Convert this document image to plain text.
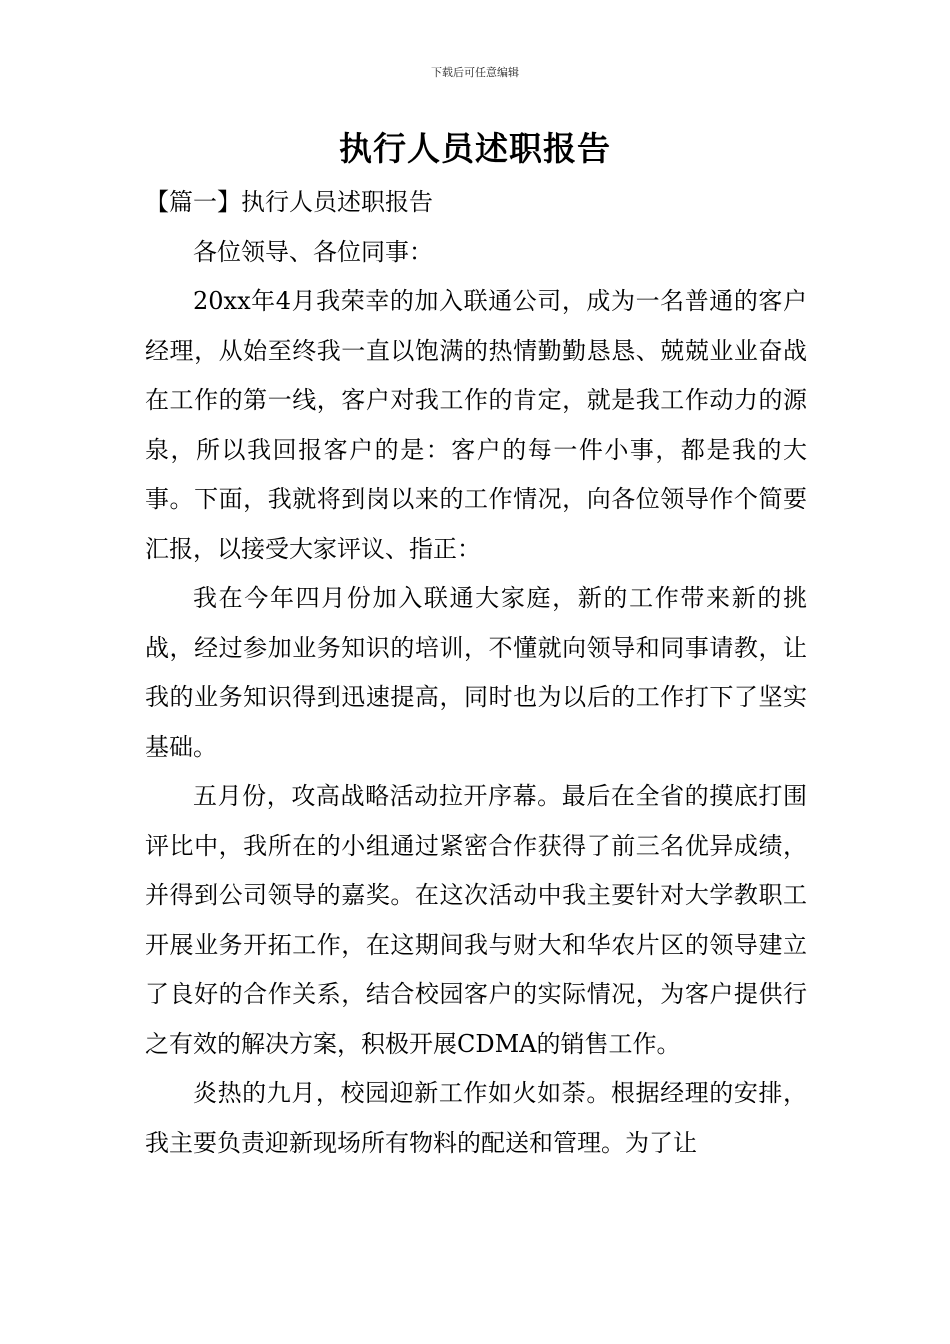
下载后可任意编辑
执行人员述职报告

【篇一】执行人员述职报告

各位领导、各位同事：

20xx年4月我荣幸的加入联通公司，成为一名普通的客户经理，从始至终我一直以饱满的热情勤勤恳恳、兢兢业业奋战在工作的第一线，客户对我工作的肯定，就是我工作动力的源泉，所以我回报客户的是：客户的每一件小事，都是我的大事。下面，我就将到岗以来的工作情况，向各位领导作个简要汇报，以接受大家评议、指正：

我在今年四月份加入联通大家庭，新的工作带来新的挑战，经过参加业务知识的培训，不懂就向领导和同事请教，让我的业务知识得到迅速提高，同时也为以后的工作打下了坚实基础。

五月份，攻高战略活动拉开序幕。最后在全省的摸底打围评比中，我所在的小组通过紧密合作获得了前三名优异成绩，并得到公司领导的嘉奖。在这次活动中我主要针对大学教职工开展业务开拓工作，在这期间我与财大和华农片区的领导建立了良好的合作关系，结合校园客户的实际情况，为客户提供行之有效的解决方案，积极开展CDMA的销售工作。

炎热的九月，校园迎新工作如火如荼。根据经理的安排，我主要负责迎新现场所有物料的配送和管理。为了让
